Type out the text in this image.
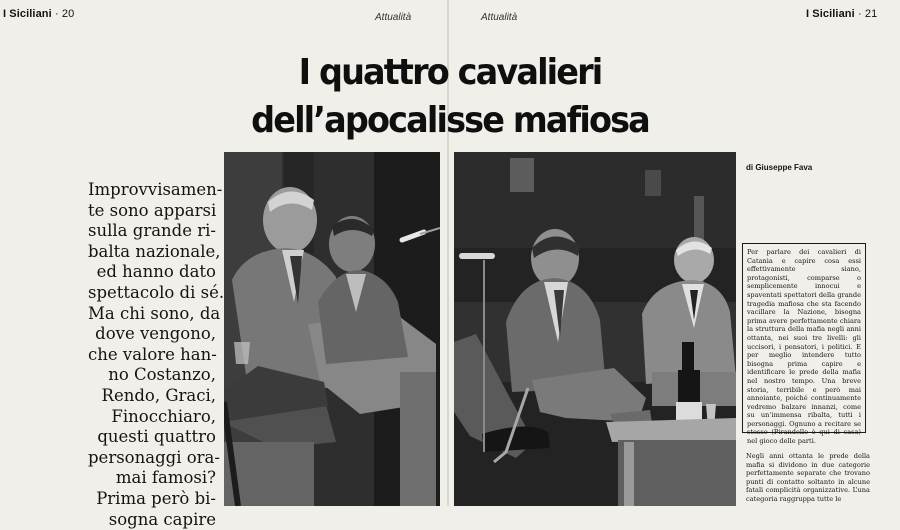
I Siciliani · 20	Attualità	Attualità	I Siciliani · 21
I quattro cavalieri
dell’apocalisse mafiosa
di Giuseppe Fava
Improvvisamen-
te sono apparsi
sulla grande ri-
balta nazionale,
ed hanno dato
spettacolo di sé.
Ma chi sono, da
dove vengono,
che valore han-
no Costanzo,
Rendo, Graci,
Finocchiaro,
questi quattro
personaggi ora-
mai famosi?
Prima però bi-
sogna capire
Per parlare dei cavalieri di Catania e capire cosa essi effettivamente siano, protagonisti, comparse o semplicemente innocui e spaventati spettatori della grande tragedia mafiosa che sta facendo vacillare la Nazione, bisogna prima avere perfettamente chiara la struttura della mafia negli anni ottanta, nei suoi tre livelli: gli uccisori, i pensatori, i politici. E per meglio intendere tutto bisogna prima capire e identificare le prede della mafia nel nostro tempo. Una breve storia, terribile e però mai annoiante, poiché continuamente vedremo balzare innanzi, come su un’immensa ribalta, tutti i personaggi. Ognuno a recitare se stesso (Pirandello è qui di casa) nel gioco delle parti.
Negli anni ottanta le prede della mafia si dividono in due categorie perfettamente separate che trovano punti di contatto soltanto in alcune fatali complicità organizzative. L’una categoria raggruppa tutte le
